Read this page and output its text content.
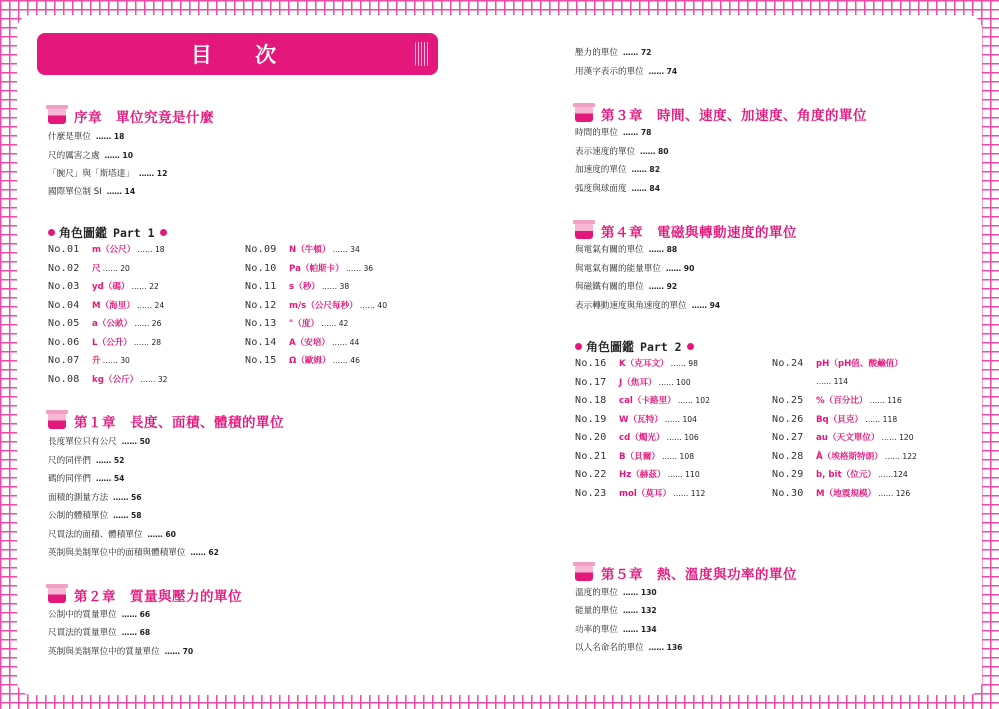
目 次
序章　單位究竟是什麼
什麼是單位 …… 18
尺的厲害之處 …… 10
「腕尺」與「斯塔達」 …… 12
國際單位制 SI …… 14
角色圖鑑 Part 1
No.01	m（公尺） …… 18
No.02	尺 …… 20
No.03	yd（碼） …… 22
No.04	M（海里） …… 24
No.05	a（公畝） …… 26
No.06	L（公升） …… 28
No.07	升 …… 30
No.08	kg（公斤） …… 32
No.09	N（牛頓） …… 34
No.10	Pa（帕斯卡） …… 36
No.11	s（秒） …… 38
No.12	m/s（公尺每秒） …… 40
No.13	°（度） …… 42
No.14	A（安培） …… 44
No.15	Ω（歐姆） …… 46
第１章　長度、面積、體積的單位
長度單位只有公尺 …… 50
尺的同伴們 …… 52
碼的同伴們 …… 54
面積的測量方法 …… 56
公制的體積單位 …… 58
尺貫法的面積、體積單位 …… 60
英制與美制單位中的面積與體積單位 …… 62
第２章　質量與壓力的單位
公制中的質量單位 …… 66
尺貫法的質量單位 …… 68
英制與美制單位中的質量單位 …… 70
壓力的單位 …… 72
用漢字表示的單位 …… 74
第３章　時間、速度、加速度、角度的單位
時間的單位 …… 78
表示速度的單位 …… 80
加速度的單位 …… 82
弧度與球面度 …… 84
第４章　電磁與轉動速度的單位
與電氣有關的單位 …… 88
與電氣有關的能量單位 …… 90
與磁鐵有關的單位 …… 92
表示轉動速度與角速度的單位 …… 94
角色圖鑑 Part 2
No.16	K（克耳文） …… 98
No.17	J（焦耳） …… 100
No.18	cal（卡路里） …… 102
No.19	W（瓦特） …… 104
No.20	cd（燭光） …… 106
No.21	B（貝爾） …… 108
No.22	Hz（赫茲） …… 110
No.23	mol（莫耳） …… 112
No.24	pH（pH值、酸鹼值）
…… 114
No.25	%（百分比） …… 116
No.26	Bq（貝克） …… 118
No.27	au（天文單位） …… 120
No.28	Å（埃格斯特朗） …… 122
No.29	b, bit（位元） ……124
No.30	M（地震規模） …… 126
第５章　熱、溫度與功率的單位
溫度的單位 …… 130
能量的單位 …… 132
功率的單位 …… 134
以人名命名的單位 …… 136
